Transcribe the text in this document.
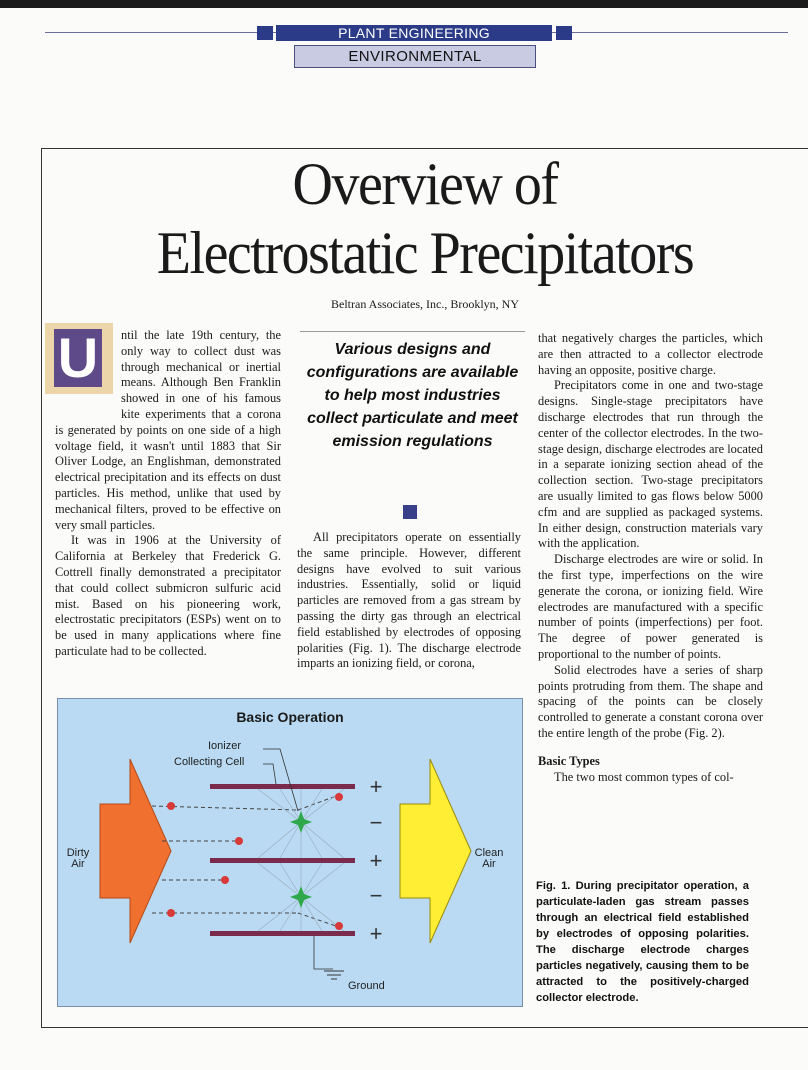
PLANT ENGINEERING
ENVIRONMENTAL
Overview of
Electrostatic Precipitators
Beltran Associates, Inc., Brooklyn, NY
U	ntil the late 19th century, the only way to collect dust was through mechanical or inertial means. Although Ben Franklin showed in one of his famous kite experiments that a corona is generated by points on one side of a high voltage field, it wasn't until 1883 that Sir Oliver Lodge, an Englishman, demonstrated electrical precipitation and its effects on dust particles. His method, unlike that used by mechanical filters, proved to be effective on very small particles.

It was in 1906 at the University of California at Berkeley that Frederick G. Cottrell finally demonstrated a precipitator that could collect submicron sulfuric acid mist. Based on his pioneering work, electrostatic precipitators (ESPs) went on to be used in many applications where fine particulate had to be collected.

Various designs and configurations are available to help most industries collect particulate and meet emission regulations

All precipitators operate on essentially the same principle. However, different designs have evolved to suit various industries. Essentially, solid or liquid particles are removed from a gas stream by passing the dirty gas through an electrical field established by electrodes of opposing polarities (Fig. 1). The discharge electrode imparts an ionizing field, or corona,

that negatively charges the particles, which are then attracted to a collector electrode having an opposite, positive charge.

Precipitators come in one and two-stage designs. Single-stage precipitators have discharge electrodes that run through the center of the collector electrodes. In the two-stage design, discharge electrodes are located in a separate ionizing section ahead of the collection section. Two-stage precipitators are usually limited to gas flows below 5000 cfm and are supplied as packaged systems. In either design, construction materials vary with the application.

Discharge electrodes are wire or solid. In the first type, imperfections on the wire generate the corona, or ionizing field. Wire electrodes are manufactured with a specific number of points (imperfections) per foot. The degree of power generated is proportional to the number of points.

Solid electrodes have a series of sharp points protruding from them. The shape and spacing of the points can be closely controlled to generate a constant corona over the entire length of the probe (Fig. 2).

Basic Types

The two most common types of col-

Basic Operation
+
−
+
−
+
Ionizer
Collecting Cell
Dirty
Air
Clean
Air
Ground
Fig. 1. During precipitator operation, a particulate-laden gas stream passes through an electrical field established by electrodes of opposing polarities. The discharge electrode charges particles negatively, causing them to be attracted to the positively-charged collector electrode.
